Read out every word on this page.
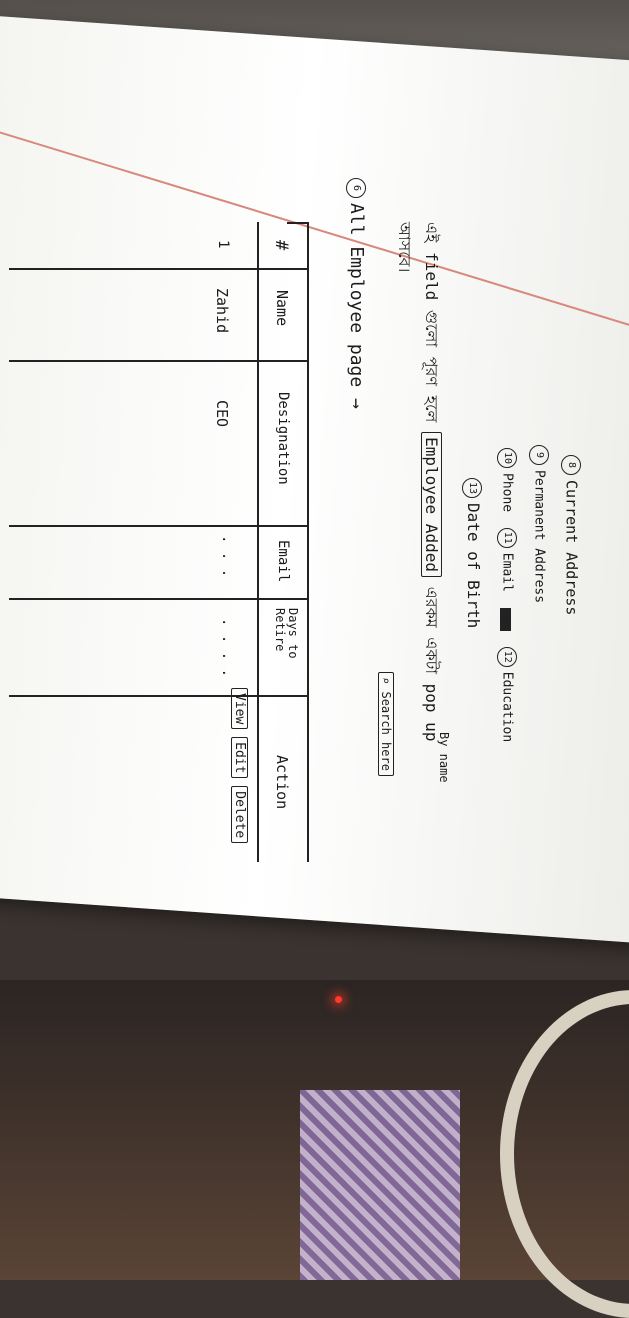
8Current Address
9Permanent Address
10Phone  11Email  ঘঃ  12Education
13Date of Birth
এই field গুলো পূরণ হলে Employee Added এরকম একটা pop up
আসবে।
6All Employee page →
⌕ Search here	By name
#
Name
Designation
Email
Days to Retire
Action
1
Zahid
CEO
· · ·
· · · ·
View Edit Delete
